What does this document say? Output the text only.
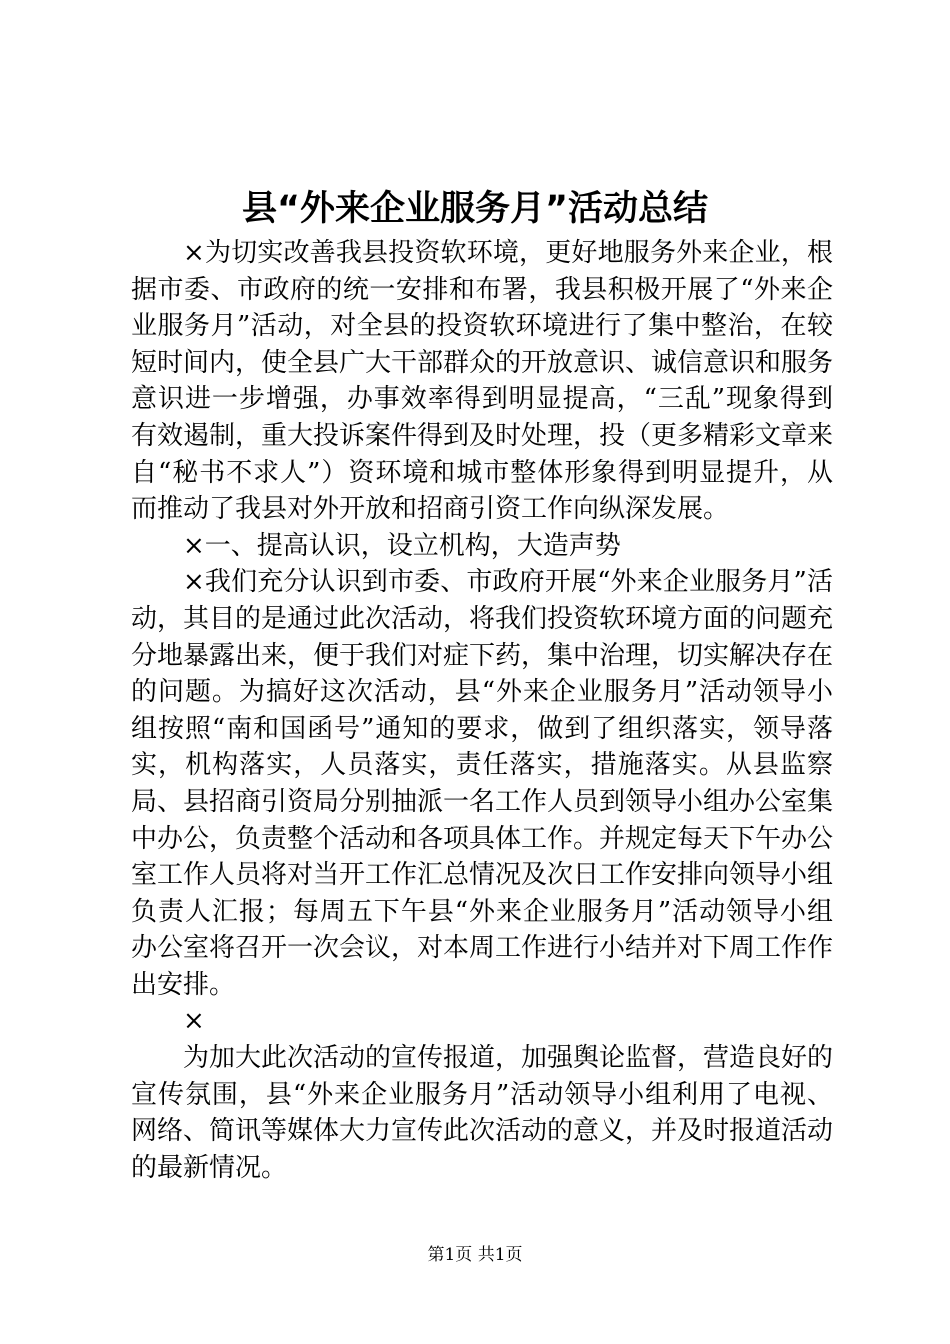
县“外来企业服务月”活动总结

×为切实改善我县投资软环境，更好地服务外来企业，根据市委、市政府的统一安排和布署，我县积极开展了“外来企业服务月”活动，对全县的投资软环境进行了集中整治，在较短时间内，使全县广大干部群众的开放意识、诚信意识和服务意识进一步增强，办事效率得到明显提高，“三乱”现象得到有效遏制，重大投诉案件得到及时处理，投（更多精彩文章来自“秘书不求人”）资环境和城市整体形象得到明显提升，从而推动了我县对外开放和招商引资工作向纵深发展。

×一、提高认识，设立机构，大造声势

×我们充分认识到市委、市政府开展“外来企业服务月”活动，其目的是通过此次活动，将我们投资软环境方面的问题充分地暴露出来，便于我们对症下药，集中治理，切实解决存在的问题。为搞好这次活动，县“外来企业服务月”活动领导小组按照“南和国函号”通知的要求，做到了组织落实，领导落实，机构落实，人员落实，责任落实，措施落实。从县监察局、县招商引资局分别抽派一名工作人员到领导小组办公室集中办公，负责整个活动和各项具体工作。并规定每天下午办公室工作人员将对当开工作汇总情况及次日工作安排向领导小组负责人汇报；每周五下午县“外来企业服务月”活动领导小组办公室将召开一次会议，对本周工作进行小结并对下周工作作出安排。

×

为加大此次活动的宣传报道，加强舆论监督，营造良好的宣传氛围，县“外来企业服务月”活动领导小组利用了电视、网络、简讯等媒体大力宣传此次活动的意义，并及时报道活动的最新情况。

第1页 共1页
